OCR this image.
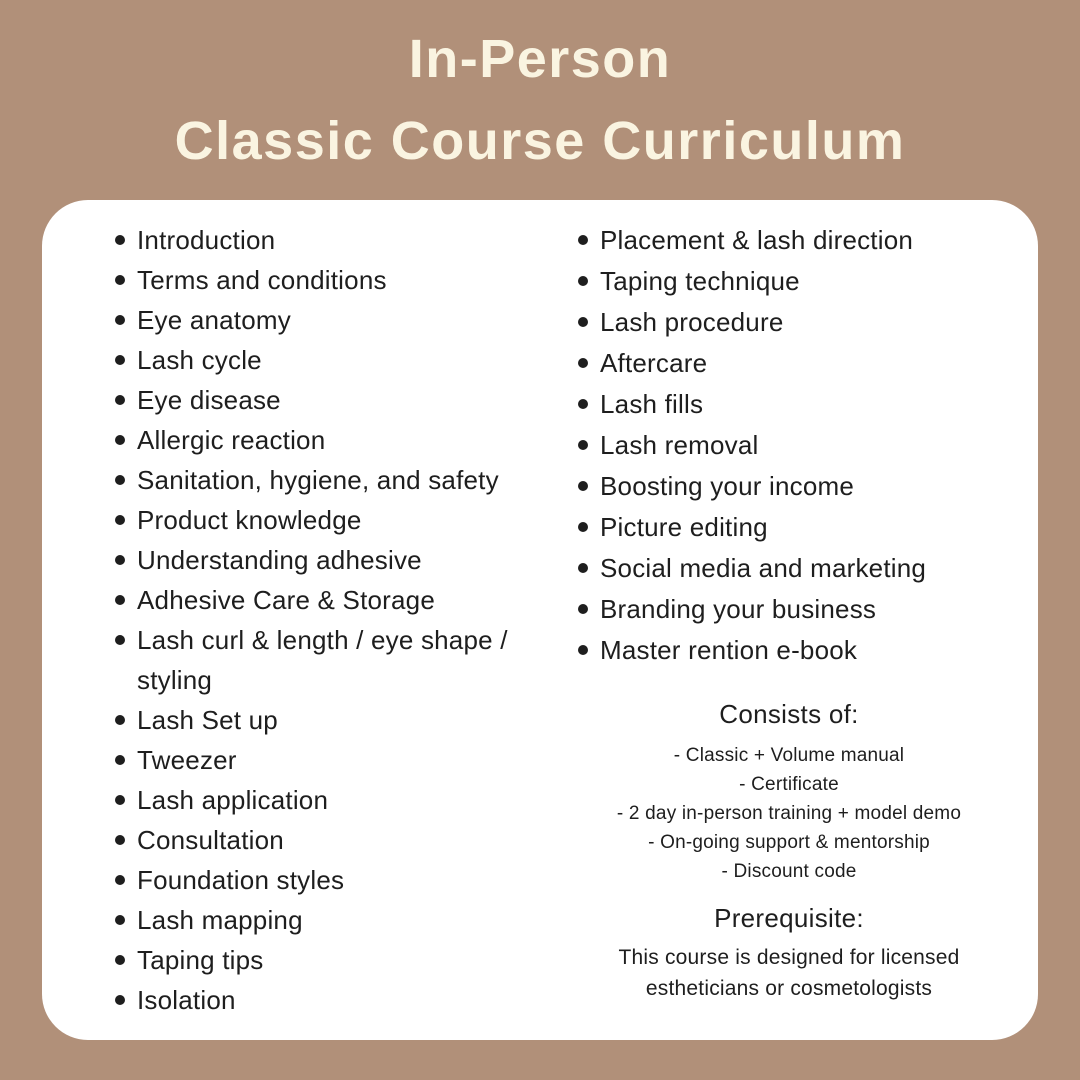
In-Person
Classic Course Curriculum
Introduction
Terms and conditions
Eye anatomy
Lash cycle
Eye disease
Allergic reaction
Sanitation, hygiene, and safety
Product knowledge
Understanding adhesive
Adhesive Care & Storage
Lash curl & length / eye shape / styling
Lash Set up
Tweezer
Lash application
Consultation
Foundation styles
Lash mapping
Taping tips
Isolation
Placement & lash direction
Taping technique
Lash procedure
Aftercare
Lash fills
Lash removal
Boosting your income
Picture editing
Social media and marketing
Branding your business
Master rention e-book
Consists of:
- Classic + Volume manual
- Certificate
- 2 day in-person training + model demo
- On-going support & mentorship
- Discount code
Prerequisite:

This course is designed for licensed estheticians or cosmetologists
